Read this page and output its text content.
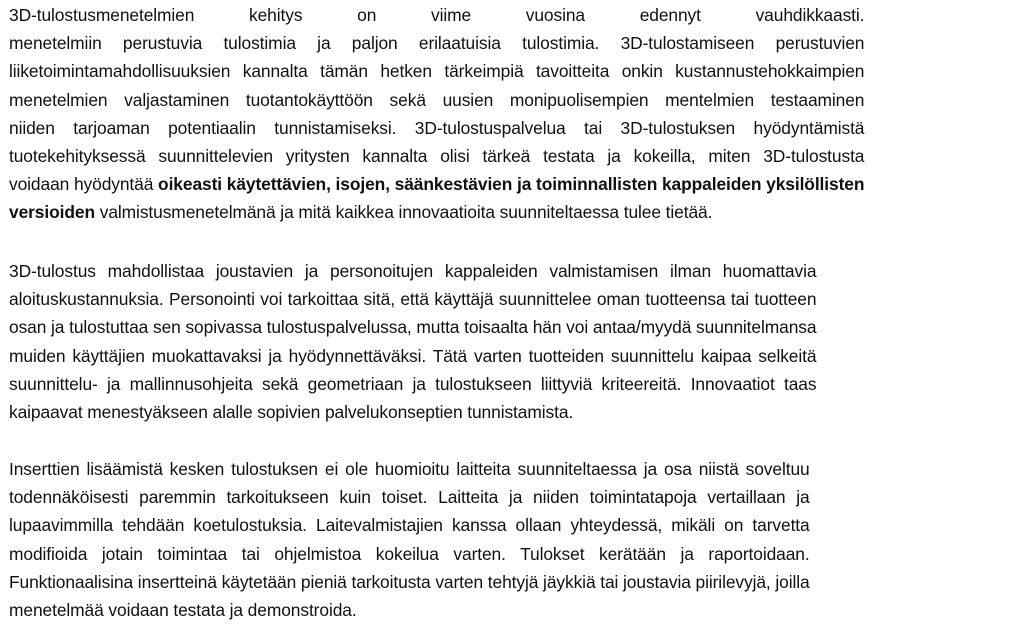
3D-tulostusmenetelmien kehitys on viime vuosina edennyt vauhdikkaasti.
menetelmiin perustuvia tulostimia ja paljon erilaatuisia tulostimia. 3D-tulostamiseen perustuvien
liiketoimintamahdollisuuksien kannalta tämän hetken tärkeimpiä tavoitteita onkin kustannustehokkaimpien
menetelmien valjastaminen tuotantokäyttöön sekä uusien monipuolisempien mentelmien testaaminen
niiden tarjoaman potentiaalin tunnistamiseksi. 3D-tulostuspalvelua tai 3D-tulostuksen hyödyntämistä
tuotekehityksessä suunnittelevien yritysten kannalta olisi tärkeä testata ja kokeilla, miten 3D-tulostusta
voidaan hyödyntää oikeasti käytettävien, isojen, säänkestävien ja toiminnallisten kappaleiden yksilöllisten
versioiden valmistusmenetelmänä ja mitä kaikkea innovaatioita suunniteltaessa tulee tietää.
3D-tulostus mahdollistaa joustavien ja personoitujen kappaleiden valmistamisen ilman huomattavia
aloituskustannuksia. Personointi voi tarkoittaa sitä, että käyttäjä suunnittelee oman tuotteensa tai tuotteen
osan ja tulostuttaa sen sopivassa tulostuspalvelussa, mutta toisaalta hän voi antaa/myydä suunnitelmansa
muiden käyttäjien muokattavaksi ja hyödynnettäväksi. Tätä varten tuotteiden suunnittelu kaipaa selkeitä
suunnittelu- ja mallinnusohjeita sekä geometriaan ja tulostukseen liittyviä kriteereitä. Innovaatiot taas
kaipaavat menestyäkseen alalle sopivien palvelukonseptien tunnistamista.
Inserttien lisäämistä kesken tulostuksen ei ole huomioitu laitteita suunniteltaessa ja osa niistä soveltuu
todennäköisesti paremmin tarkoitukseen kuin toiset. Laitteita ja niiden toimintatapoja vertaillaan ja
lupaavimmilla tehdään koetulostuksia. Laitevalmistajien kanssa ollaan yhteydessä, mikäli on tarvetta
modifioida jotain toimintaa tai ohjelmistoa kokeilua varten. Tulokset kerätään ja raportoidaan.
Funktionaalisina insertteinä käytetään pieniä tarkoitusta varten tehtyjä jäykkiä tai joustavia piirilevyjä, joilla
menetelmää voidaan testata ja demonstroida.
